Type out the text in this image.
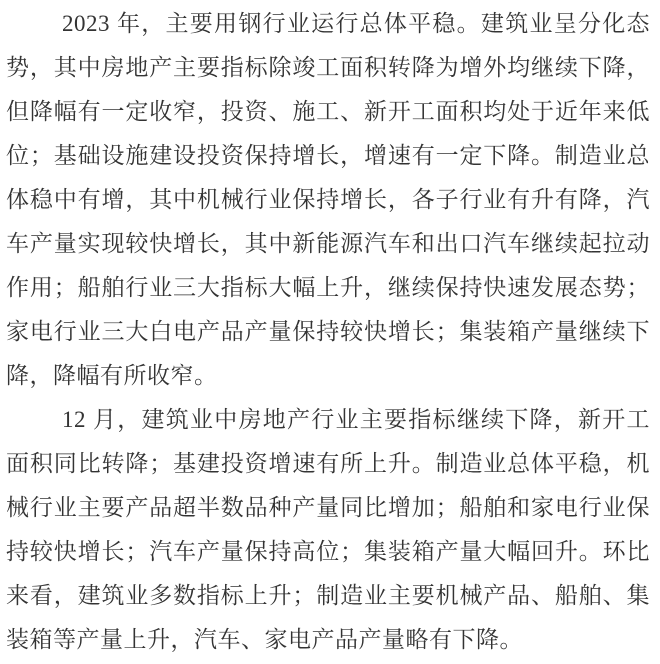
2023 年，主要用钢行业运行总体平稳。建筑业呈分化态
势，其中房地产主要指标除竣工面积转降为增外均继续下降，
但降幅有一定收窄，投资、施工、新开工面积均处于近年来低
位；基础设施建设投资保持增长，增速有一定下降。制造业总
体稳中有增，其中机械行业保持增长，各子行业有升有降，汽
车产量实现较快增长，其中新能源汽车和出口汽车继续起拉动
作用；船舶行业三大指标大幅上升，继续保持快速发展态势；
家电行业三大白电产品产量保持较快增长；集装箱产量继续下
降，降幅有所收窄。
12 月，建筑业中房地产行业主要指标继续下降，新开工
面积同比转降；基建投资增速有所上升。制造业总体平稳，机
械行业主要产品超半数品种产量同比增加；船舶和家电行业保
持较快增长；汽车产量保持高位；集装箱产量大幅回升。环比
来看，建筑业多数指标上升；制造业主要机械产品、船舶、集
装箱等产量上升，汽车、家电产品产量略有下降。
